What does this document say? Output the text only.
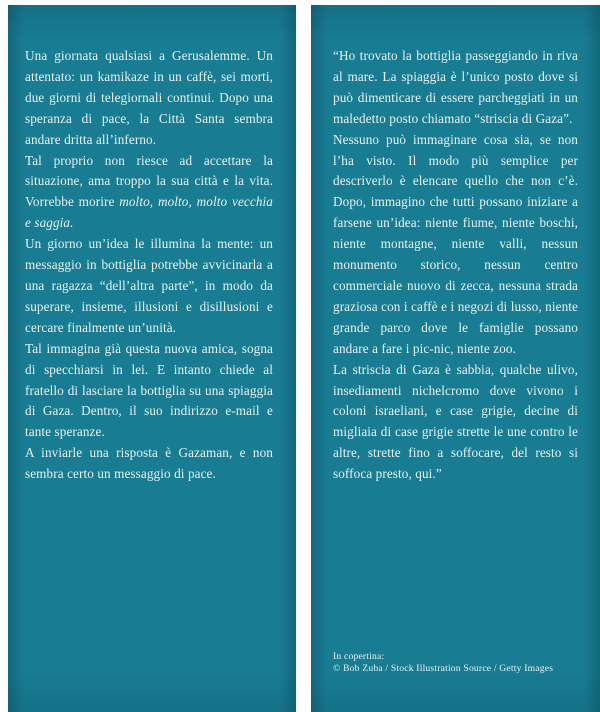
Una giornata qualsiasi a Gerusalemme. Un attentato: un kamikaze in un caffè, sei morti, due giorni di telegiornali continui. Dopo una speranza di pace, la Città Santa sembra andare dritta all’inferno.

Tal proprio non riesce ad accettare la situazione, ama troppo la sua città e la vita. Vorrebbe morire molto, molto, molto vecchia e saggia.

Un giorno un’idea le illumina la mente: un messaggio in bottiglia potrebbe avvicinarla a una ragazza “dell’altra parte”, in modo da superare, insieme, illusioni e disillusioni e cercare finalmente un’unità.

Tal immagina già questa nuova amica, sogna di specchiarsi in lei. E intanto chiede al fratello di lasciare la bottiglia su una spiaggia di Gaza. Dentro, il suo indirizzo e-mail e tante speranze.

A inviarle una risposta è Gazaman, e non sembra certo un messaggio di pace.

“Ho trovato la bottiglia passeggiando in riva al mare. La spiaggia è l’unico posto dove si può dimenticare di essere parcheggiati in un maledetto posto chiamato “striscia di Gaza”.

Nessuno può immaginare cosa sia, se non l’ha visto. Il modo più semplice per descriverlo è elencare quello che non c’è. Dopo, immagino che tutti possano iniziare a farsene un’idea: niente fiume, niente boschi, niente montagne, niente valli, nessun monumento storico, nessun centro commerciale nuovo di zecca, nessuna strada graziosa con i caffè e i negozi di lusso, niente grande parco dove le famiglie possano andare a fare i pic-nic, niente zoo.

La striscia di Gaza è sabbia, qualche ulivo, insediamenti nichelcromo dove vivono i coloni israeliani, e case grigie, decine di migliaia di case grigie strette le une contro le altre, strette fino a soffocare, del resto si soffoca presto, qui.”

In copertina:
© Bob Zuba / Stock Illustration Source / Getty Images
